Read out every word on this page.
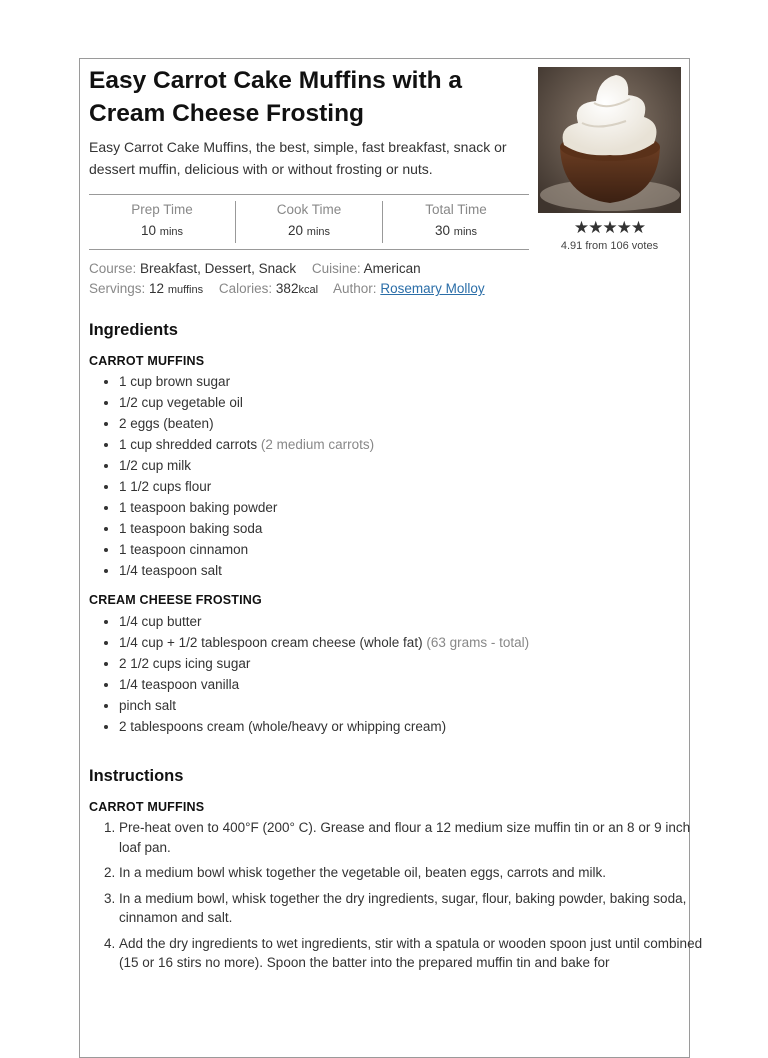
Easy Carrot Cake Muffins with a Cream Cheese Frosting

Easy Carrot Cake Muffins, the best, simple, fast breakfast, snack or dessert muffin, delicious with or without frosting or nuts.

★★★★★
4.91 from 106 votes
Prep Time
10 mins
Cook Time
20 mins
Total Time
30 mins
Course: Breakfast, Dessert, Snack Cuisine: American
Servings: 12 muffins Calories: 382kcal Author: Rosemary Molloy
Ingredients
CARROT MUFFINS
• 1 cup brown sugar
• 1/2 cup vegetable oil
• 2 eggs (beaten)
• 1 cup shredded carrots (2 medium carrots)
• 1/2 cup milk
• 1 1/2 cups flour
• 1 teaspoon baking powder
• 1 teaspoon baking soda
• 1 teaspoon cinnamon
• 1/4 teaspoon salt
CREAM CHEESE FROSTING
• 1/4 cup butter
• 1/4 cup + 1/2 tablespoon cream cheese (whole fat) (63 grams - total)
• 2 1/2 cups icing sugar
• 1/4 teaspoon vanilla
• pinch salt
• 2 tablespoons cream (whole/heavy or whipping cream)
Instructions
CARROT MUFFINS
1. Pre-heat oven to 400°F (200° C). Grease and flour a 12 medium size muffin tin or an 8 or 9 inch loaf pan.
2. In a medium bowl whisk together the vegetable oil, beaten eggs, carrots and milk.
3. In a medium bowl, whisk together the dry ingredients, sugar, flour, baking powder, baking soda, cinnamon and salt.
4. Add the dry ingredients to wet ingredients, stir with a spatula or wooden spoon just until combined (15 or 16 stirs no more). Spoon the batter into the prepared muffin tin and bake for
